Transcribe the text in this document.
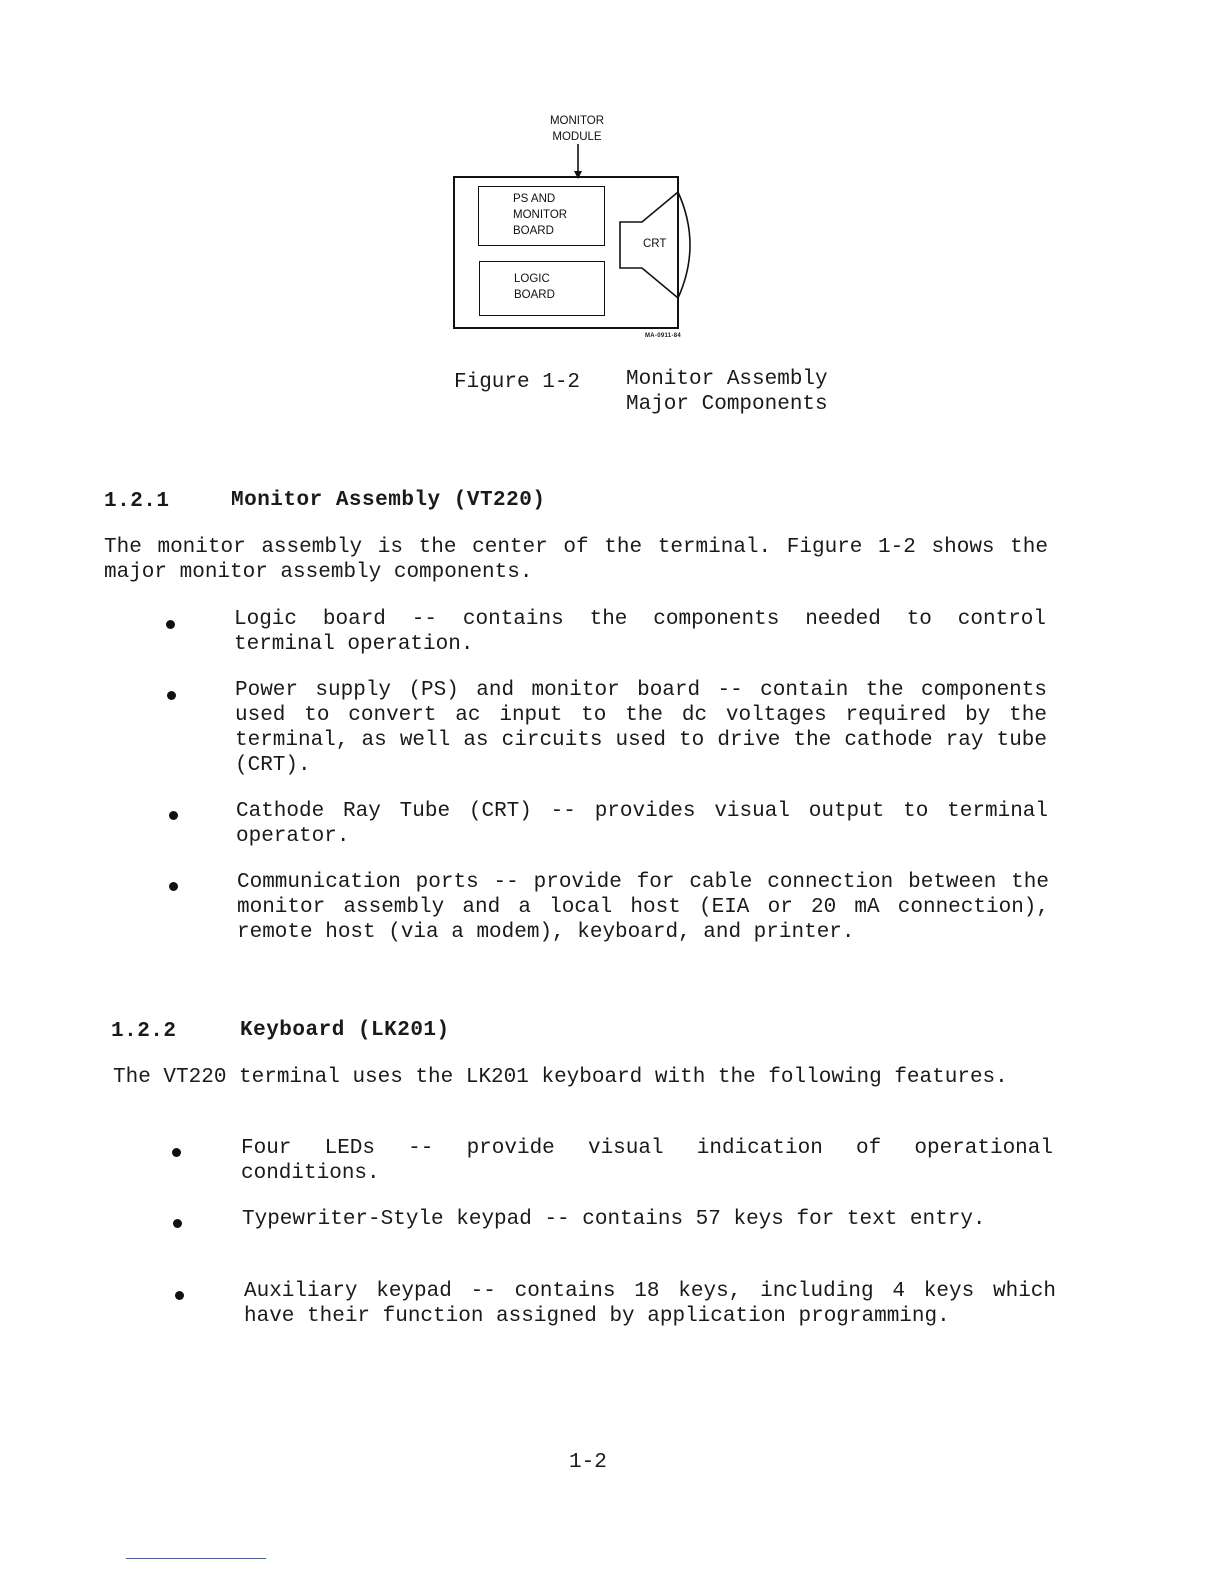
MONITOR
MODULE
PS AND
MONITOR
BOARD
LOGIC
BOARD
CRT
MA-0911-84
Figure 1-2 Monitor Assembly
Major Components
1.2.1	Monitor Assembly (VT220)
The monitor assembly is the center of the terminal. Figure 1-2 shows the major monitor assembly components.
Logic board -- contains the components needed to control terminal operation.
Power supply (PS) and monitor board -- contain the components used to convert ac input to the dc voltages required by the terminal, as well as circuits used to drive the cathode ray tube (CRT).
Cathode Ray Tube (CRT) -- provides visual output to terminal operator.
Communication ports -- provide for cable connection between the monitor assembly and a local host (EIA or 20 mA connection), remote host (via a modem), keyboard, and printer.
1.2.2	Keyboard (LK201)
The VT220 terminal uses the LK201 keyboard with the following features.
Four LEDs -- provide visual indication of operational conditions.
Typewriter-Style keypad -- contains 57 keys for text entry.
Auxiliary keypad -- contains 18 keys, including 4 keys which have their function assigned by application programming.
1-2
